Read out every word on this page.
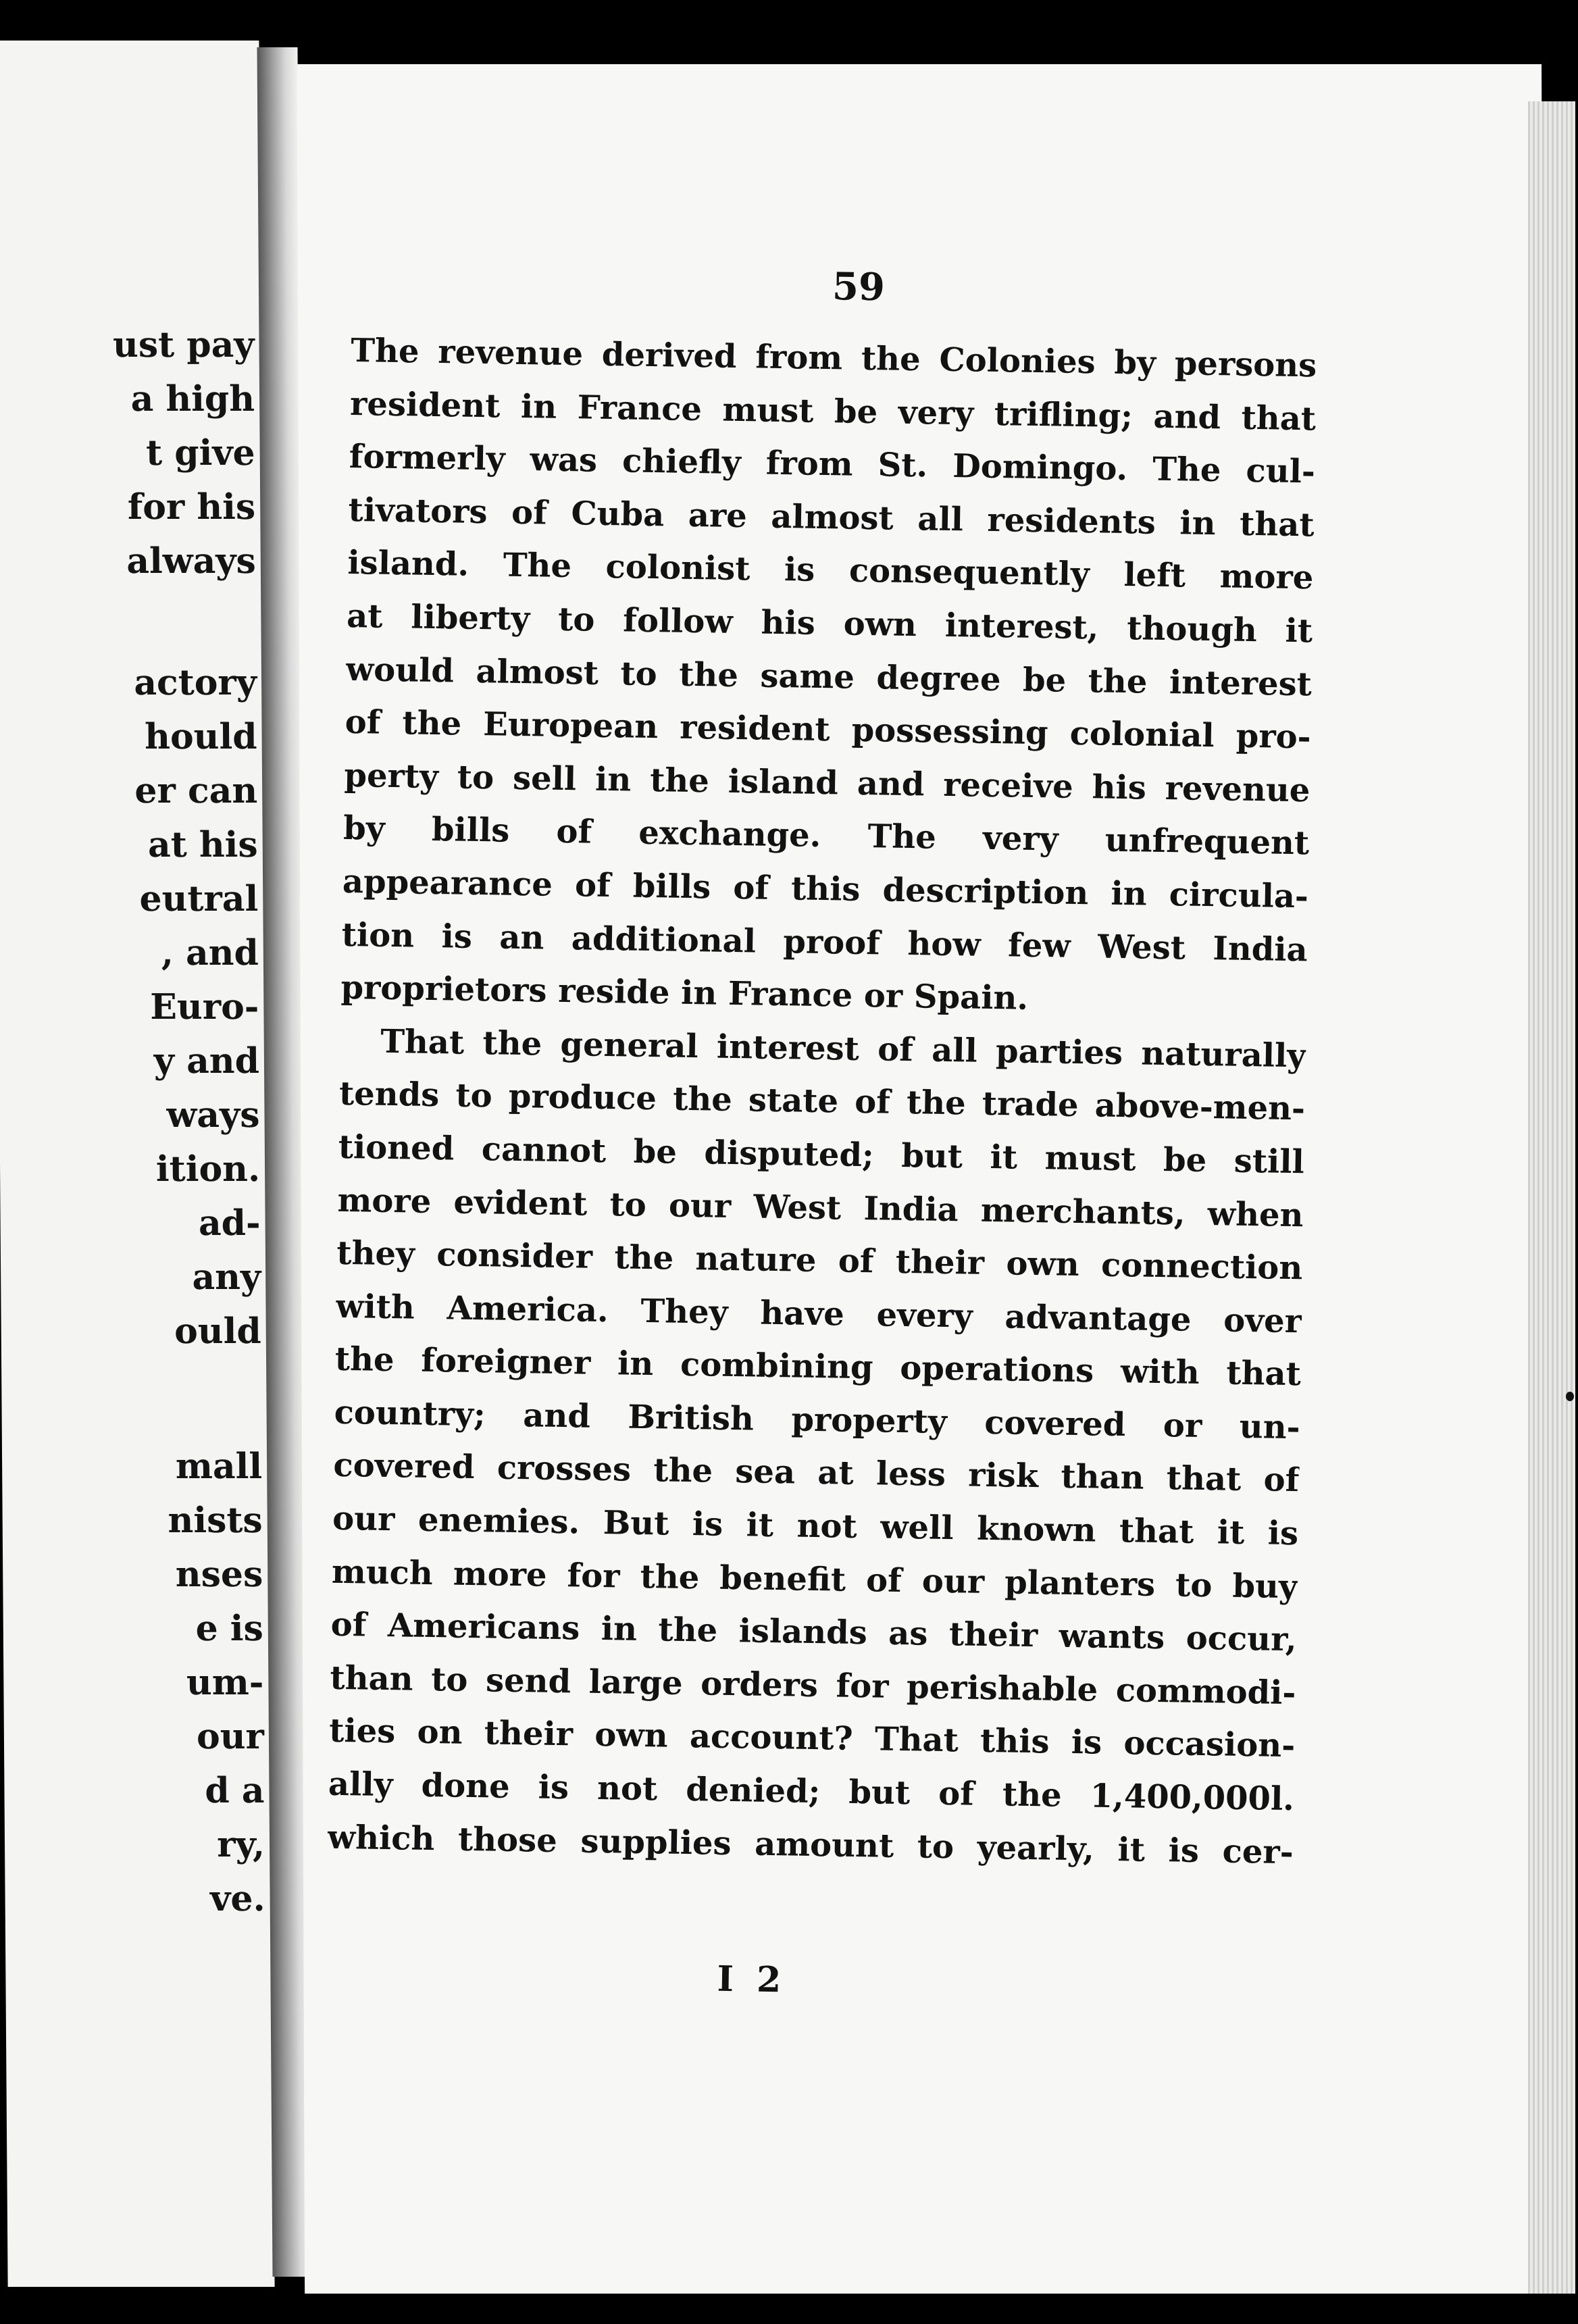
ust pay
a high
t give
for his
always
actory
hould
er can
at his
eutral
, and
Euro-
y and
ways
ition.
ad-
any
ould
mall
nists
nses
e is
um-
our
d a
ry,
ve.
59
The revenue derived from the Colonies by persons
resident in France must be very trifling; and that
formerly was chiefly from St. Domingo. The cul-
tivators of Cuba are almost all residents in that
island. The colonist is consequently left more
at liberty to follow his own interest, though it
would almost to the same degree be the interest
of the European resident possessing colonial pro-
perty to sell in the island and receive his revenue
by bills of exchange. The very unfrequent
appearance of bills of this description in circula-
tion is an additional proof how few West India
proprietors reside in France or Spain.
That the general interest of all parties naturally
tends to produce the state of the trade above-men-
tioned cannot be disputed; but it must be still
more evident to our West India merchants, when
they consider the nature of their own connection
with America. They have every advantage over
the foreigner in combining operations with that
country; and British property covered or un-
covered crosses the sea at less risk than that of
our enemies. But is it not well known that it is
much more for the benefit of our planters to buy
of Americans in the islands as their wants occur,
than to send large orders for perishable commodi-
ties on their own account? That this is occasion-
ally done is not denied; but of the 1,400,000l.
which those supplies amount to yearly, it is cer-
I 2
